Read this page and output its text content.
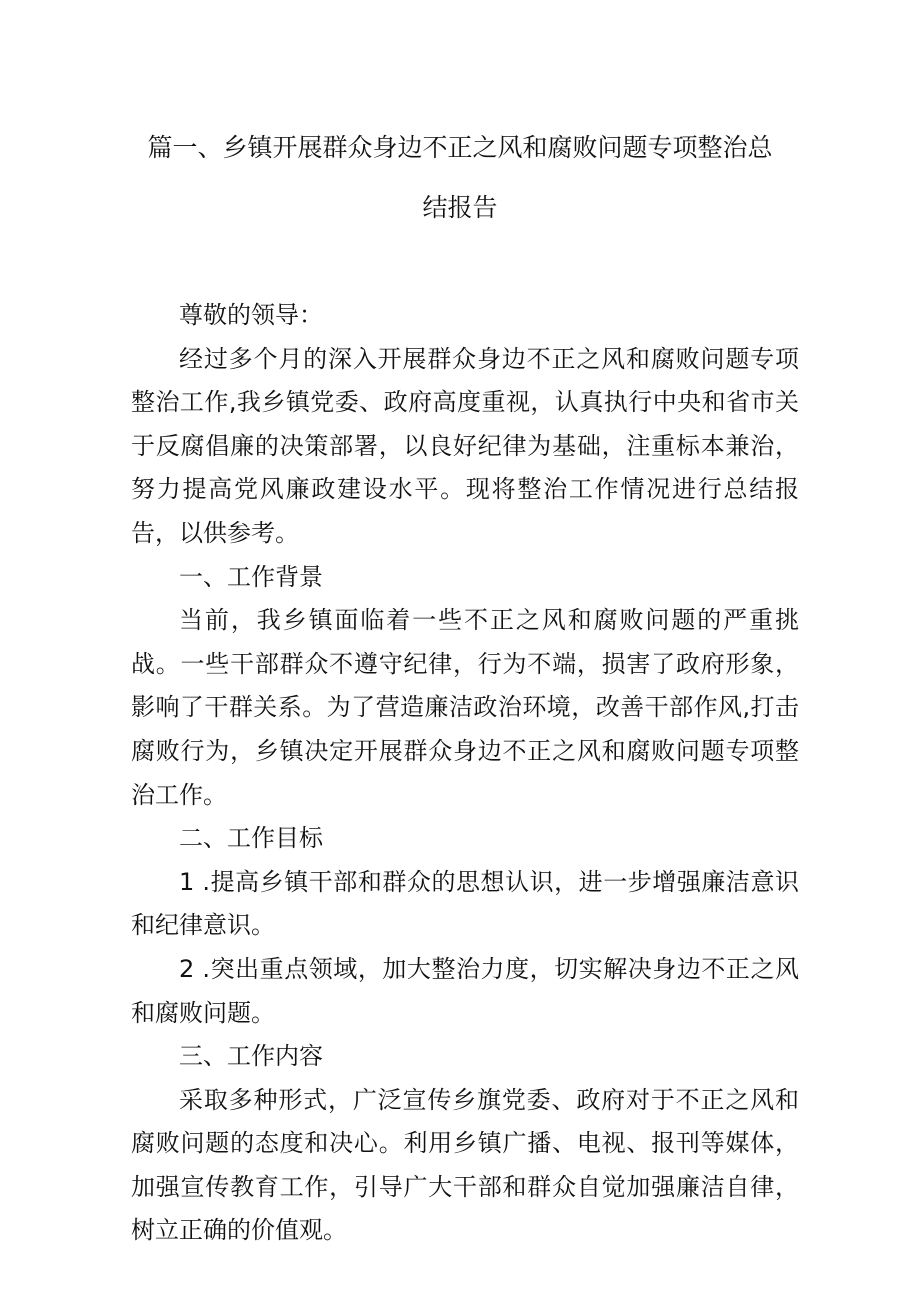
篇一、乡镇开展群众身边不正之风和腐败问题专项整治总
结报告

尊敬的领导：

经过多个月的深入开展群众身边不正之风和腐败问题专项整治工作,我乡镇党委、政府高度重视，认真执行中央和省市关于反腐倡廉的决策部署，以良好纪律为基础，注重标本兼治，努力提高党风廉政建设水平。现将整治工作情况进行总结报告，以供参考。

一、工作背景

当前，我乡镇面临着一些不正之风和腐败问题的严重挑战。一些干部群众不遵守纪律，行为不端，损害了政府形象，影响了干群关系。为了营造廉洁政治环境，改善干部作风,打击腐败行为，乡镇决定开展群众身边不正之风和腐败问题专项整治工作。

二、工作目标

1 .提高乡镇干部和群众的思想认识，进一步增强廉洁意识和纪律意识。

2 .突出重点领域，加大整治力度，切实解决身边不正之风和腐败问题。

三、工作内容

采取多种形式，广泛宣传乡旗党委、政府对于不正之风和腐败问题的态度和决心。利用乡镇广播、电视、报刊等媒体，加强宣传教育工作，引导广大干部和群众自觉加强廉洁自律，树立正确的价值观。
